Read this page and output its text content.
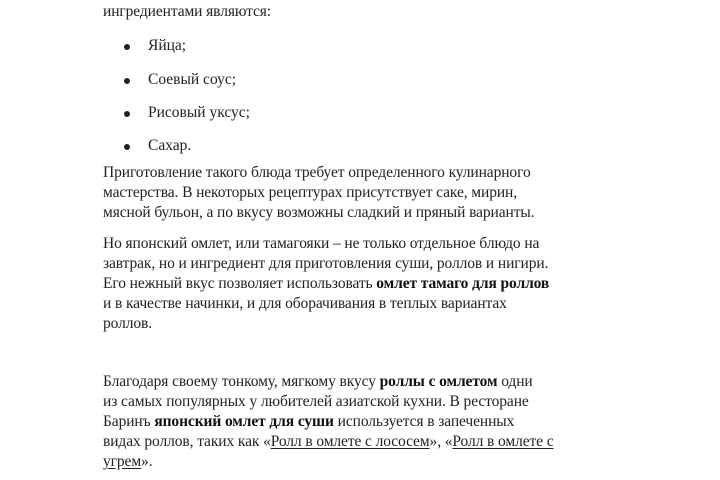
ингредиентами являются:
Яйца;
Соевый соус;
Рисовый уксус;
Сахар.
Приготовление такого блюда требует определенного кулинарного
мастерства. В некоторых рецептурах присутствует саке, мирин,
мясной бульон, а по вкусу возможны сладкий и пряный варианты.
Но японский омлет, или тамагояки – не только отдельное блюдо на
завтрак, но и ингредиент для приготовления суши, роллов и нигири.
Его нежный вкус позволяет использовать омлет тамаго для роллов
и в качестве начинки, и для оборачивания в теплых вариантах
роллов.
Благодаря своему тонкому, мягкому вкусу роллы с омлетом одни
из самых популярных у любителей азиатской кухни. В ресторане
Баринъ японский омлет для суши используется в запеченных
видах роллов, таких как «Ролл в омлете с лососем», «Ролл в омлете с
угрем».
